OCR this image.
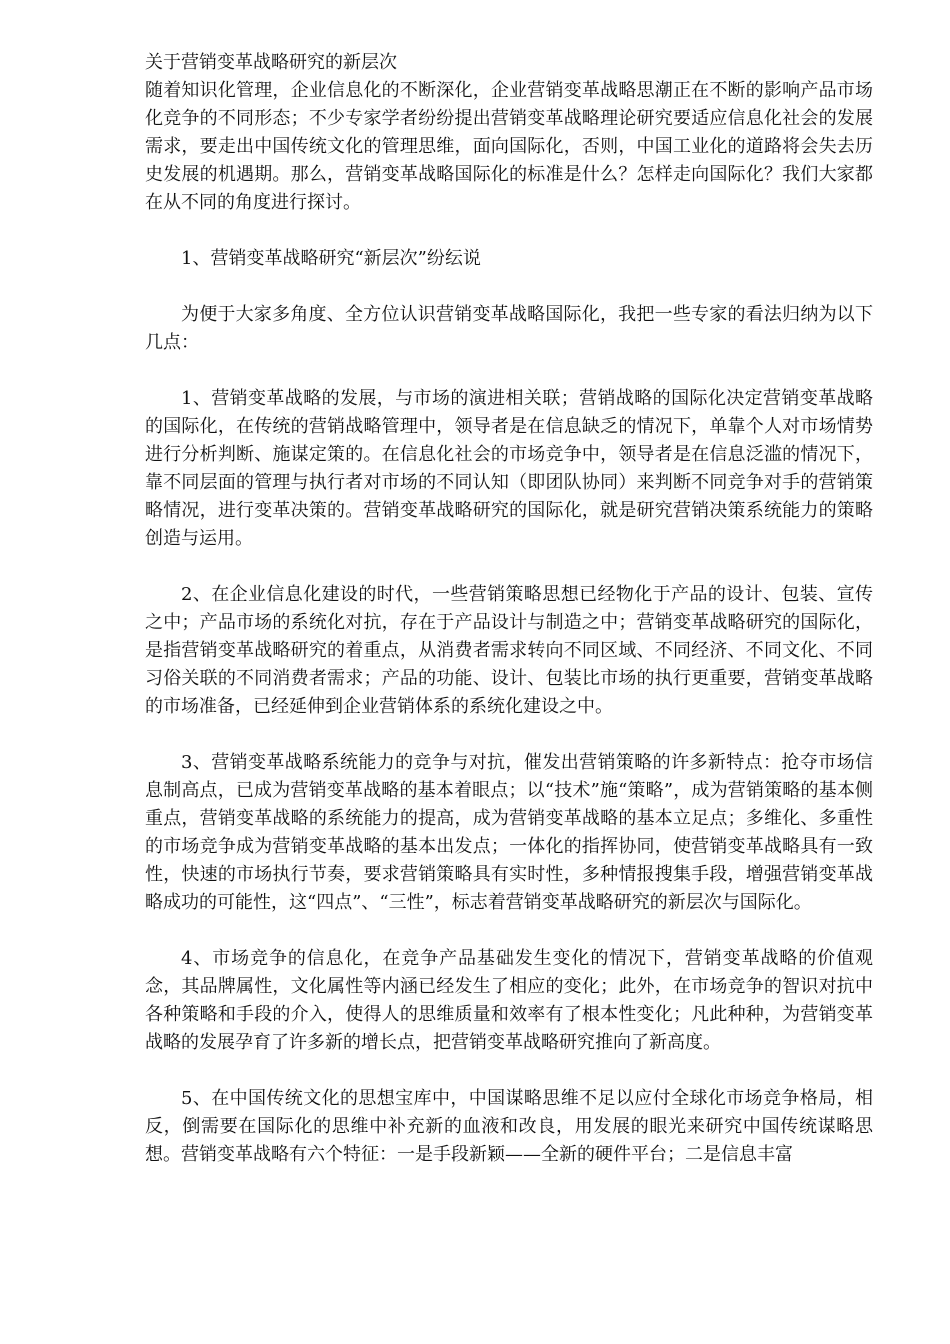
关于营销变革战略研究的新层次

随着知识化管理，企业信息化的不断深化，企业营销变革战略思潮正在不断的影响产品市场化竞争的不同形态；不少专家学者纷纷提出营销变革战略理论研究要适应信息化社会的发展需求，要走出中国传统文化的管理思维，面向国际化，否则，中国工业化的道路将会失去历史发展的机遇期。那么，营销变革战略国际化的标准是什么？怎样走向国际化？我们大家都在从不同的角度进行探讨。

1、营销变革战略研究“新层次”纷纭说

为便于大家多角度、全方位认识营销变革战略国际化，我把一些专家的看法归纳为以下几点：

1、营销变革战略的发展，与市场的演进相关联；营销战略的国际化决定营销变革战略的国际化，在传统的营销战略管理中，领导者是在信息缺乏的情况下，单靠个人对市场情势进行分析判断、施谋定策的。在信息化社会的市场竞争中，领导者是在信息泛滥的情况下，靠不同层面的管理与执行者对市场的不同认知（即团队协同）来判断不同竞争对手的营销策略情况，进行变革决策的。营销变革战略研究的国际化，就是研究营销决策系统能力的策略创造与运用。

2、在企业信息化建设的时代，一些营销策略思想已经物化于产品的设计、包装、宣传之中；产品市场的系统化对抗，存在于产品设计与制造之中；营销变革战略研究的国际化，是指营销变革战略研究的着重点，从消费者需求转向不同区域、不同经济、不同文化、不同习俗关联的不同消费者需求；产品的功能、设计、包装比市场的执行更重要，营销变革战略的市场准备，已经延伸到企业营销体系的系统化建设之中。

3、营销变革战略系统能力的竞争与对抗，催发出营销策略的许多新特点：抢夺市场信息制高点，已成为营销变革战略的基本着眼点；以“技术”施“策略”，成为营销策略的基本侧重点，营销变革战略的系统能力的提高，成为营销变革战略的基本立足点；多维化、多重性的市场竞争成为营销变革战略的基本出发点；一体化的指挥协同，使营销变革战略具有一致性，快速的市场执行节奏，要求营销策略具有实时性，多种情报搜集手段，增强营销变革战略成功的可能性，这“四点”、“三性”，标志着营销变革战略研究的新层次与国际化。

4、市场竞争的信息化，在竞争产品基础发生变化的情况下，营销变革战略的价值观念，其品牌属性，文化属性等内涵已经发生了相应的变化；此外，在市场竞争的智识对抗中各种策略和手段的介入，使得人的思维质量和效率有了根本性变化；凡此种种，为营销变革战略的发展孕育了许多新的增长点，把营销变革战略研究推向了新高度。

5、在中国传统文化的思想宝库中，中国谋略思维不足以应付全球化市场竞争格局，相反，倒需要在国际化的思维中补充新的血液和改良，用发展的眼光来研究中国传统谋略思想。营销变革战略有六个特征：一是手段新颖——全新的硬件平台；二是信息丰富
